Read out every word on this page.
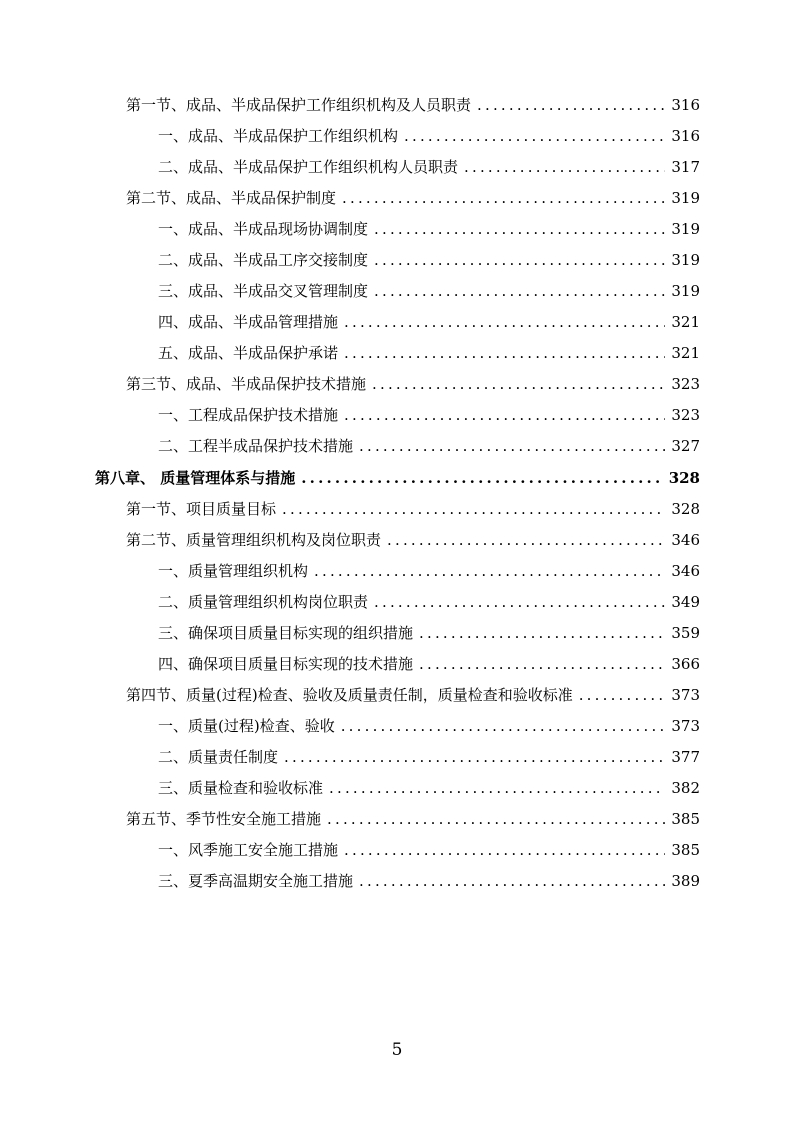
第一节、成品、半成品保护工作组织机构及人员职责 .....	316
一、成品、半成品保护工作组织机构 .....	316
二、成品、半成品保护工作组织机构人员职责 .....	317
第二节、成品、半成品保护制度 .....	319
一、成品、半成品现场协调制度 .....	319
二、成品、半成品工序交接制度 .....	319
三、成品、半成品交叉管理制度 .....	319
四、成品、半成品管理措施 .....	321
五、成品、半成品保护承诺 .....	321
第三节、成品、半成品保护技术措施 .....	323
一、工程成品保护技术措施 .....	323
二、工程半成品保护技术措施 .....	327
第八章、 质量管理体系与措施 .....	328
第一节、项目质量目标 .....	328
第二节、质量管理组织机构及岗位职责 .....	346
一、质量管理组织机构 .....	346
二、质量管理组织机构岗位职责 .....	349
三、确保项目质量目标实现的组织措施 .....	359
四、确保项目质量目标实现的技术措施 .....	366
第四节、质量(过程)检查、验收及质量责任制，质量检查和验收标准 .....	373
一、质量(过程)检查、验收 .....	373
二、质量责任制度 .....	377
三、质量检查和验收标准 .....	382
第五节、季节性安全施工措施 .....	385
一、风季施工安全施工措施 .....	385
三、夏季高温期安全施工措施 .....	389
5
